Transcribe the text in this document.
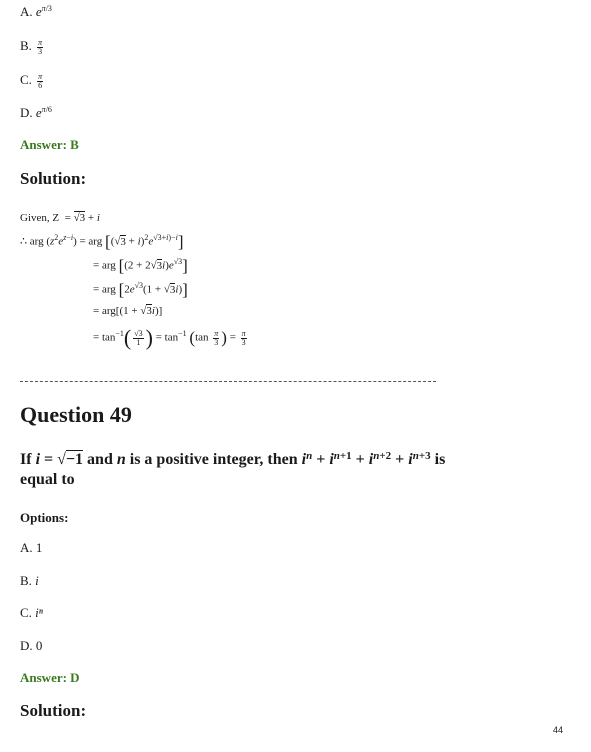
A. $e^{\pi/3}$
B. $\frac{\pi}{3}$
C. $\frac{\pi}{6}$
D. $e^{\pi/6}$
Answer: B
Solution:
Given, Z  = √3 + i
∴ arg $(z^2e^{z-i})$ = arg $[(√3 + i)^2e^{√3+i)-i}]$
= arg $[(2 + 2√3i)e^{√3}]$
= arg $[2e^{√3}(1 + √3i)]$
= arg[(1 + √3i)]
= $\tan^{-1}( \frac{√3}{1}$ ) = $\tan^{-1} (\tan \frac{\pi}{3}$ ) = $\frac{\pi}{3}$
Question 49
If i = √−1 and n is a positive integer, then $i^n + i^{n+1} + i^{n+2} + i^{n+3}$ is
equal to
Options:
A. 1
B. i
C. iⁿ
D. 0
Answer: D
Solution:
44
